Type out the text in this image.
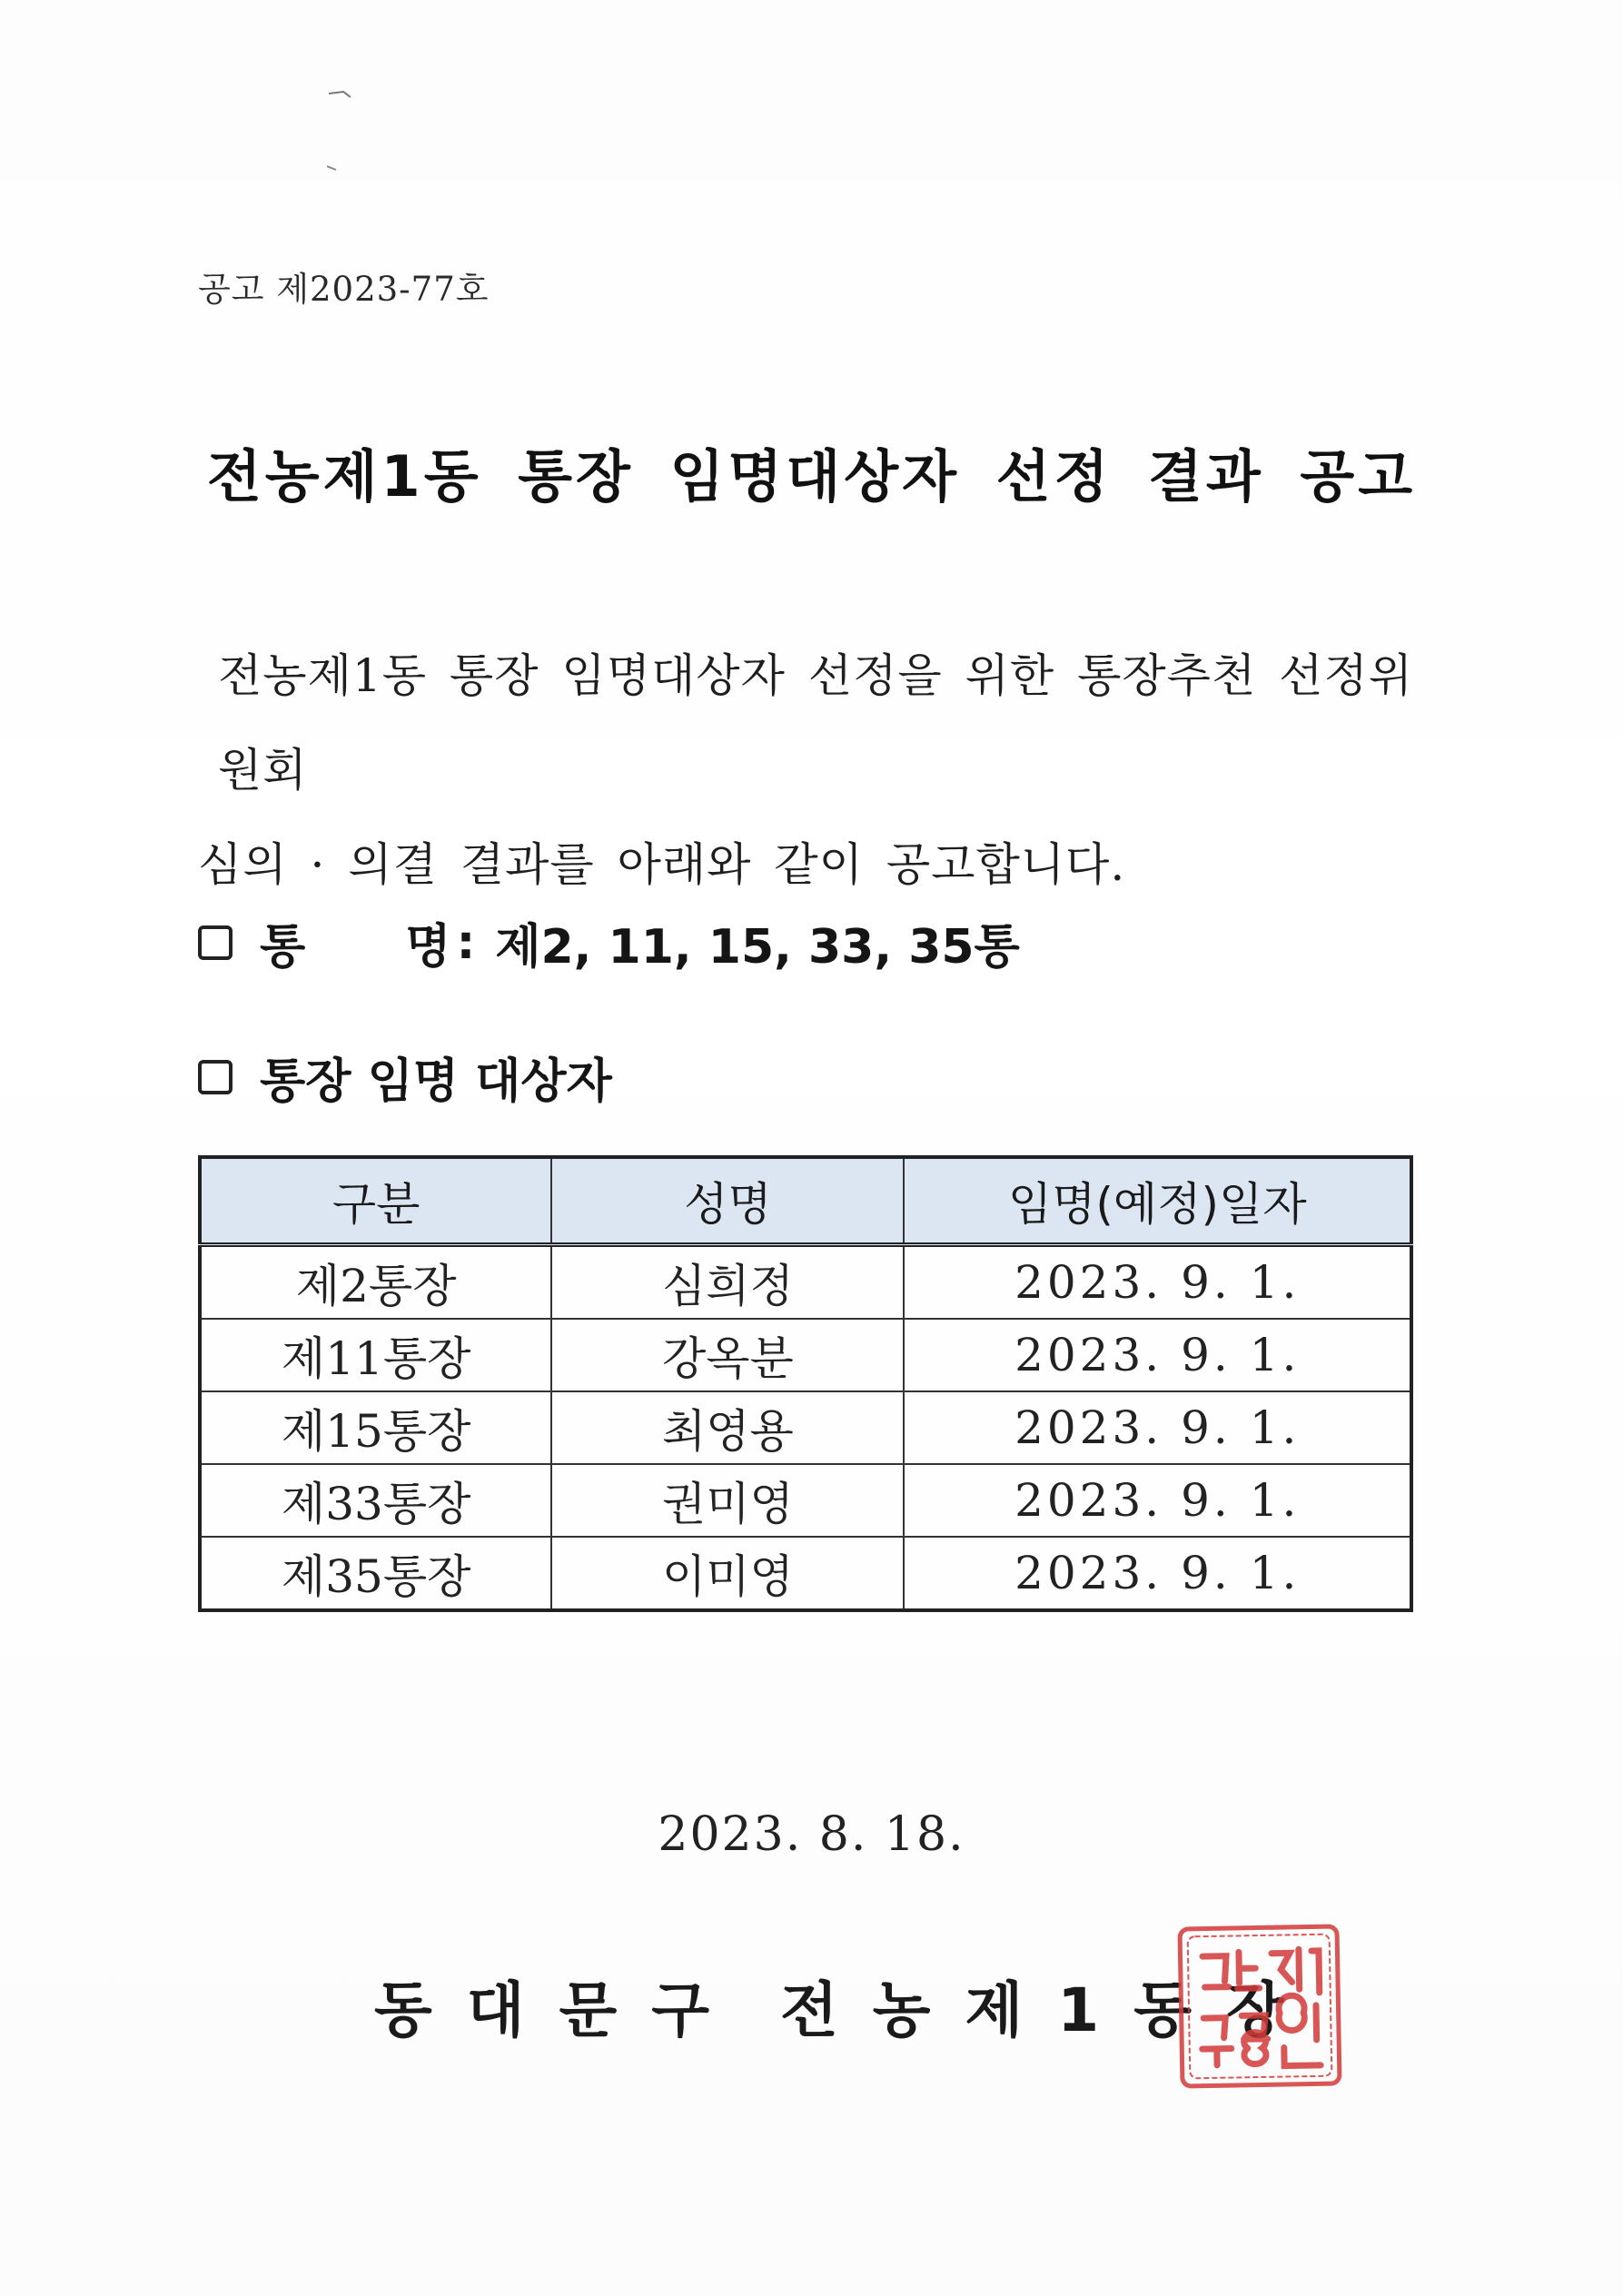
공고 제2023-77호
전농제1동 통장 임명대상자 선정 결과 공고
전농제1동 통장 임명대상자 선정을 위한 통장추천 선정위원회
심의 · 의결 결과를 아래와 같이 공고합니다.
통 명 : 제2, 11, 15, 33, 35통
통장 임명 대상자
구분	성명	임명(예정)일자
제2통장	심희정	2023. 9. 1.
제11통장	강옥분	2023. 9. 1.
제15통장	최영용	2023. 9. 1.
제33통장	권미영	2023. 9. 1.
제35통장	이미영	2023. 9. 1.
2023. 8. 18.
동대문구 전농제1동장
